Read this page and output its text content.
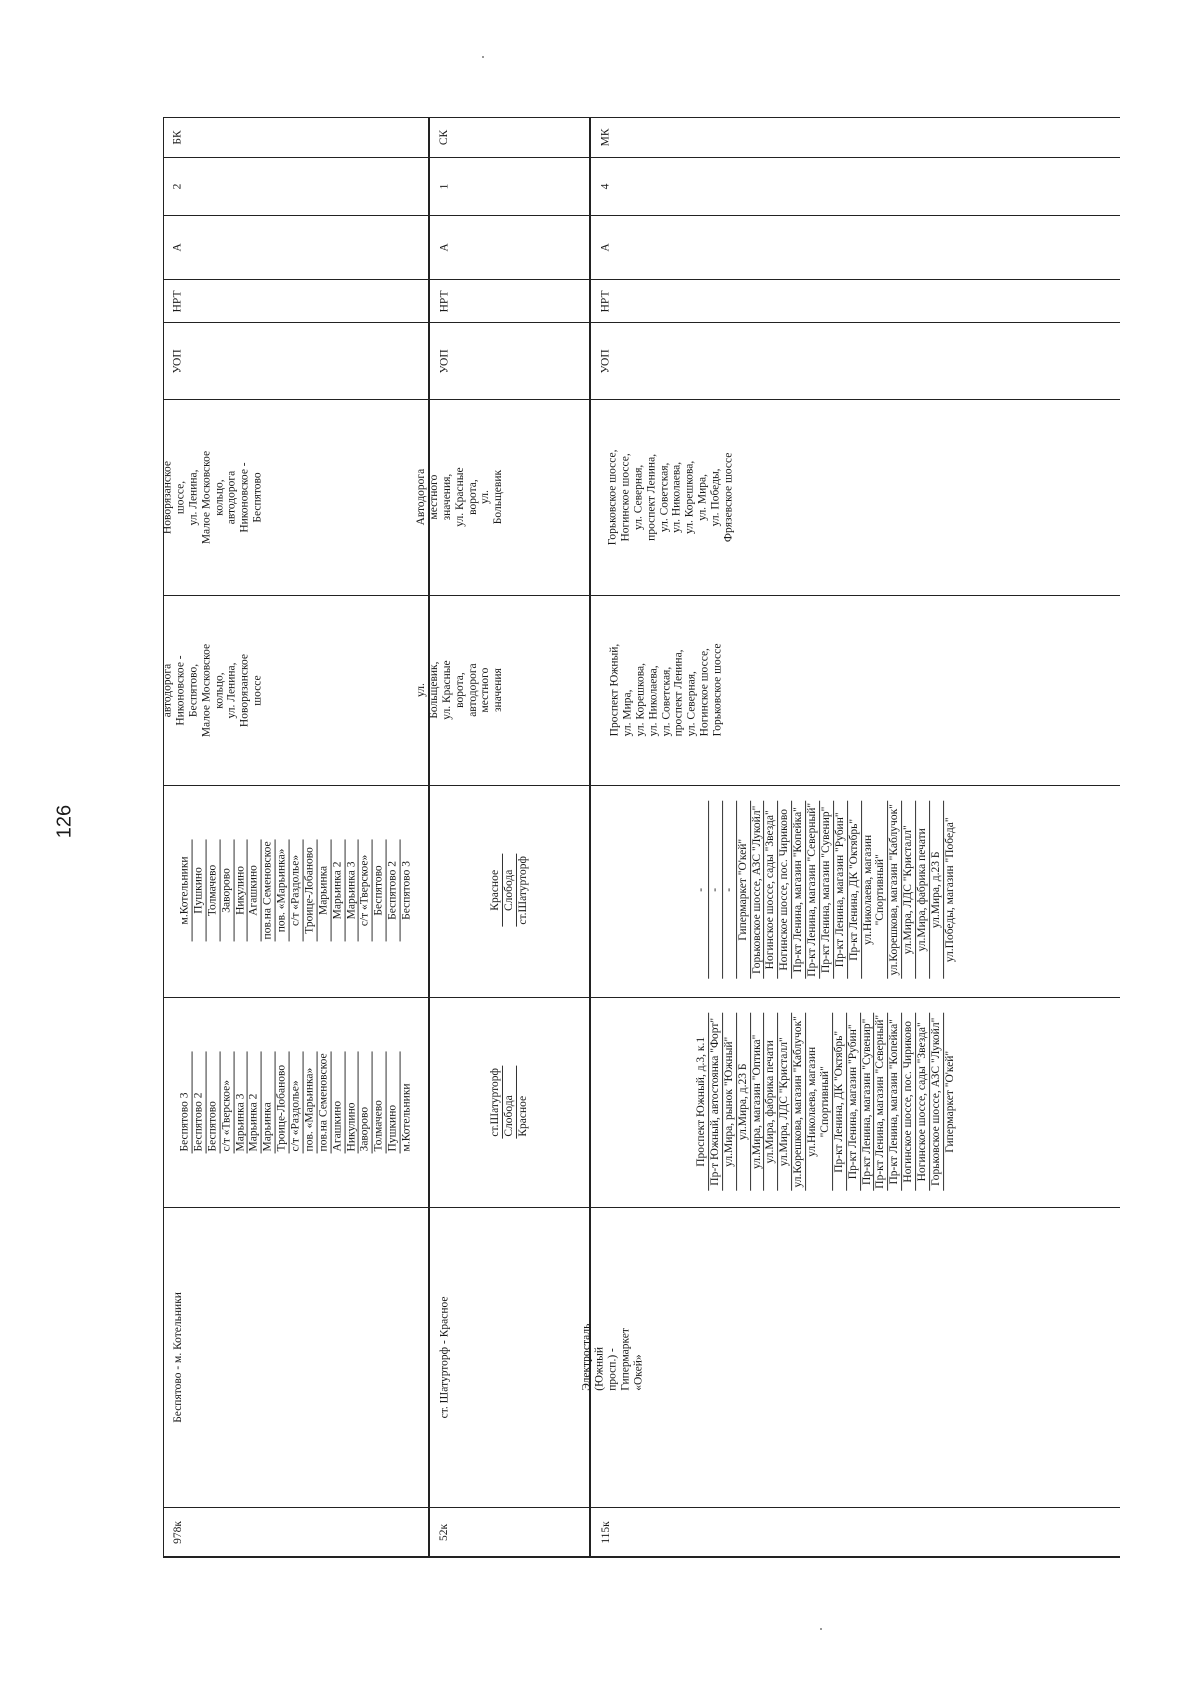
126
978к
Беспятово - м. Котельники
Беспятово 3 Беспятово 2 Беспятово с/т «Тверское» Марьинка 3 Марьинка 2 Марьинка Троице-Лобаново с/т «Раздолье» пов. «Марьинка» пов.на Семеновское Агашкино Никулино Заворово Толмачево Пушкино м.Котельники
м.Котельники Пушкино Толмачево Заворово Никулино Агашкино пов.на Семеновское пов. «Марьинка» с/т «Раздолье» Троице-Лобаново Марьинка Марьинка 2 Марьинка 3 с/т «Тверское» Беспятово Беспятово 2 Беспятово 3
автодорога Никоновское -
Беспятово,
Малое Московское кольцо,
ул. Ленина,
Новорязанское шоссе
Новорязанское шоссе,
ул. Ленина,
Малое Московское кольцо,
автодорога Никоновское -
Беспятово
УОП
НРТ
А
2
БК
52к
ст. Шатурторф - Красное
ст.Шатурторф Слобода Красное
Красное Слобода ст.Шатурторф
ул. Больщевик,
ул. Красные ворота,
автодорога местного значения
Автодорога местного значения,
ул. Красные ворота,
ул. Больщевик
УОП
НРТ
А
1
СК
115к
Электросталь (Южный просп.) -
Гипермаркет «Окей»
Проспект Южный, д.3, к.1 Пр-т Южный, автостоянка "Форт" ул.Мира, рынок "Южный" ул.Мира, д.23 Б ул.Мира, магазин "Оптика" ул.Мира, фабрика печати ул.Мира, ЛДС "Кристалл" ул.Корешкова, магазин "Каблучок" ул.Николаева, магазин
"Спортивный" Пр-кт Ленина, ДК "Октябрь" Пр-кт Ленина, магазин "Рубин" Пр-кт Ленина, магазин "Сувенир" Пр-кт Ленина, магазин "Северный" Пр-кт Ленина, магазин "Копейка" Ногинское шоссе, пос. Чириково Ногинское шоссе, сады "Звезда" Горьковское шоссе, АЗС "Лукойл" Гипермаркет "О'кей"
- - - Гипермаркет "О'кей" Горьковское шоссе, АЗС "Лукойл" Ногинское шоссе, сады "Звезда" Ногинское шоссе, пос. Чириково Пр-кт Ленина, магазин "Копейка" Пр-кт Ленина, магазин "Северный" Пр-кт Ленина, магазин "Сувенир" Пр-кт Ленина, магазин "Рубин" Пр-кт Ленина, ДК "Октябрь" ул.Николаева, магазин
"Спортивный" ул.Корешкова, магазин "Каблучок" ул.Мира, ЛДС "Кристалл" ул.Мира, фабрика печати ул.Мира, д.23 Б ул.Победы, магазин "Победа"
Проспект Южный,
ул. Мира,
ул. Корешкова,
ул. Николаева,
ул. Советская,
проспект Ленина,
ул. Северная,
Ногинское шоссе,
Горьковское шоссе
Горьковское шоссе,
Ногинское шоссе,
ул. Северная,
проспект Ленина,
ул. Советская,
ул. Николаева,
ул. Корешкова,
ул. Мира,
ул. Победы,
Фрязевское шоссе
УОП
НРТ
А
4
МК
